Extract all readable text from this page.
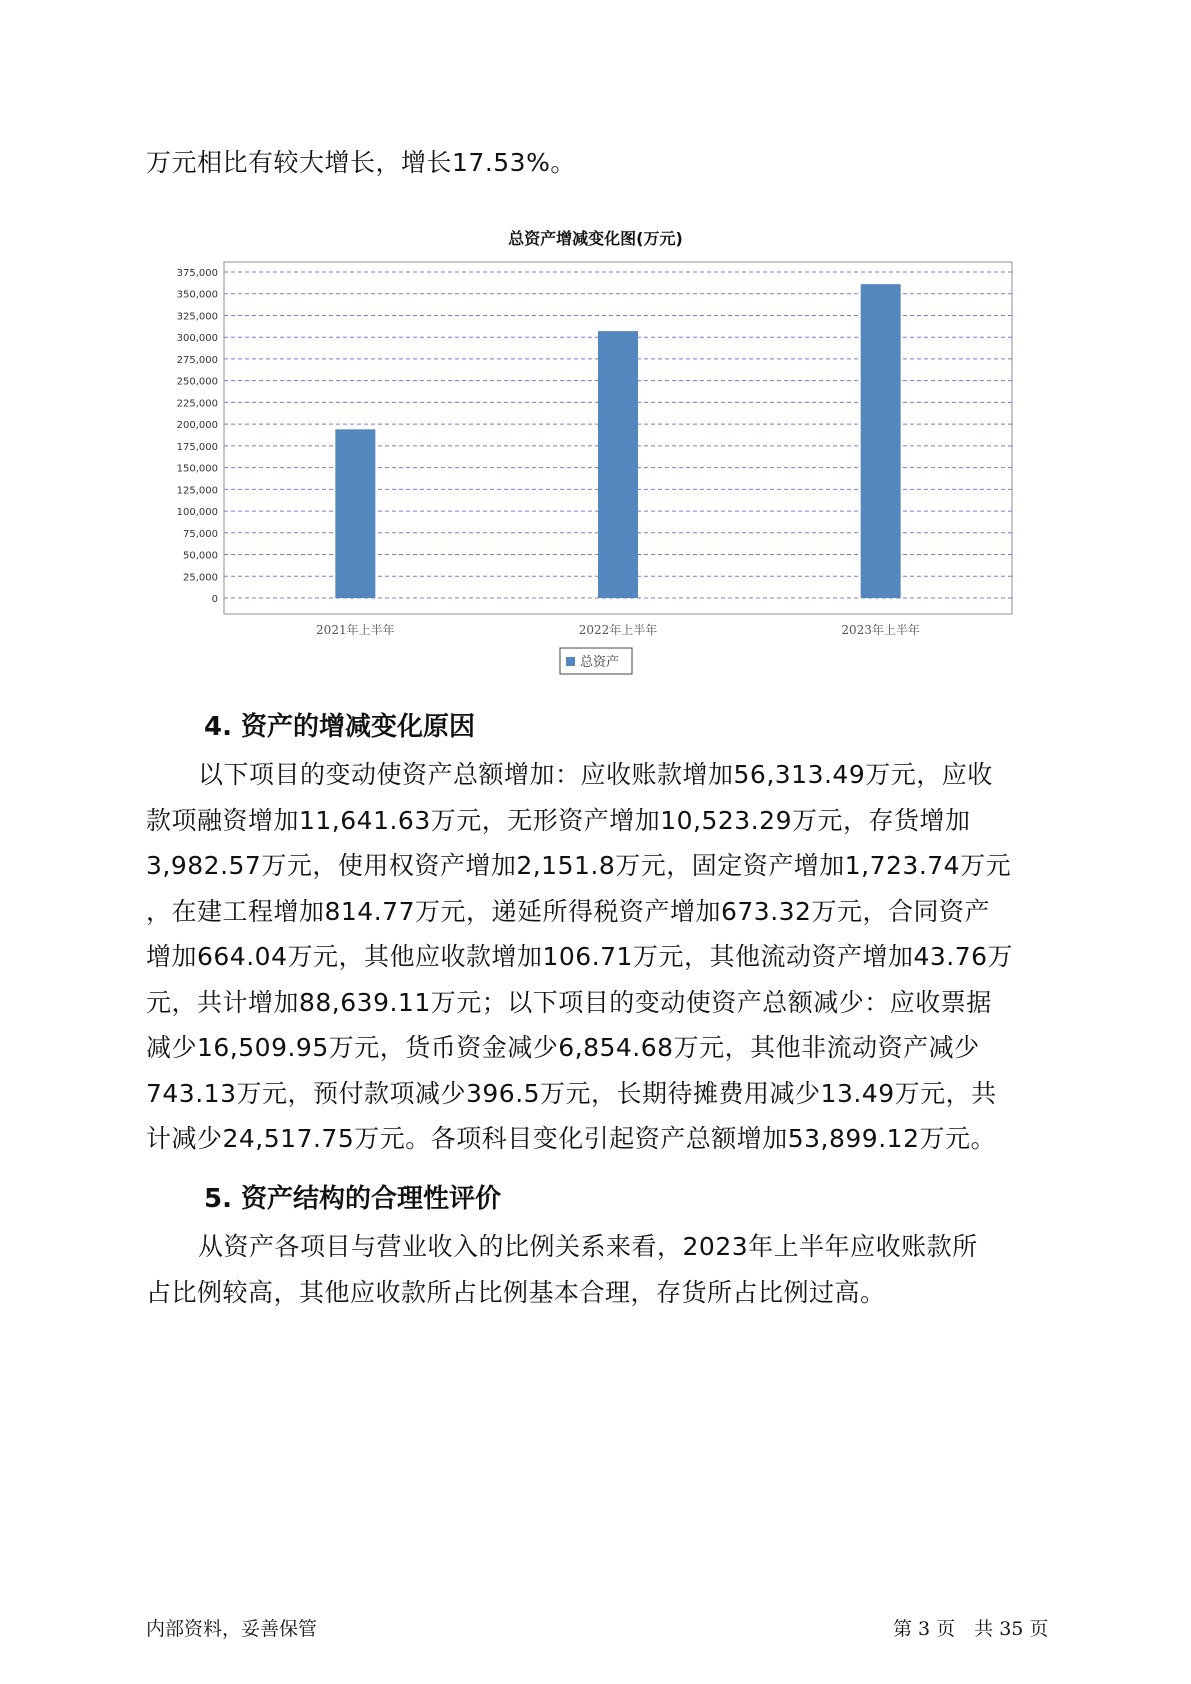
万元相比有较大增长，增长17.53%。

总资产增减变化图(万元)
0
25,000
50,000
75,000
100,000
125,000
150,000
175,000
200,000
225,000
250,000
275,000
300,000
325,000
350,000
375,000
2021年上半年	2022年上半年	2023年上半年
总资产
4. 资产的增减变化原因
以下项目的变动使资产总额增加：应收账款增加56,313.49万元，应收
款项融资增加11,641.63万元，无形资产增加10,523.29万元，存货增加
3,982.57万元，使用权资产增加2,151.8万元，固定资产增加1,723.74万元
，在建工程增加814.77万元，递延所得税资产增加673.32万元，合同资产
增加664.04万元，其他应收款增加106.71万元，其他流动资产增加43.76万
元，共计增加88,639.11万元；以下项目的变动使资产总额减少：应收票据
减少16,509.95万元，货币资金减少6,854.68万元，其他非流动资产减少
743.13万元，预付款项减少396.5万元，长期待摊费用减少13.49万元，共
计减少24,517.75万元。各项科目变化引起资产总额增加53,899.12万元。
5. 资产结构的合理性评价
从资产各项目与营业收入的比例关系来看，2023年上半年应收账款所
占比例较高，其他应收款所占比例基本合理，存货所占比例过高。
内部资料，妥善保管	第 3 页　共 35 页
